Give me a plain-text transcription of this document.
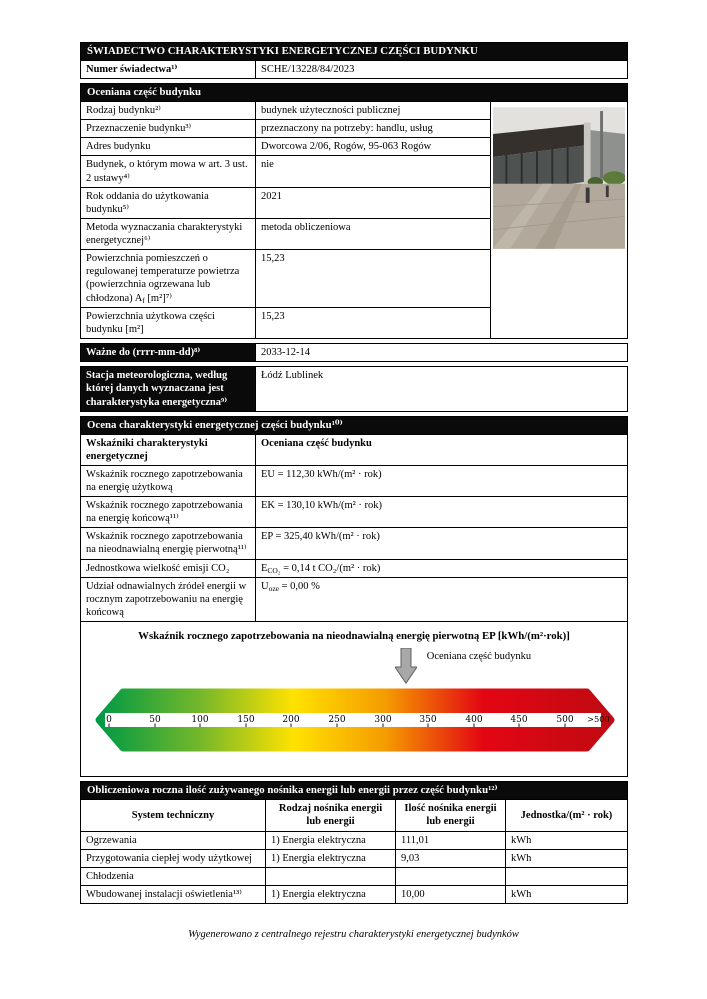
ŚWIADECTWO CHARAKTERYSTYKI ENERGETYCZNEJ CZĘŚCI BUDYNKU
Numer świadectwa¹⁾	SCHE/13228/84/2023
Oceniana część budynku
Rodzaj budynku²⁾	budynek użyteczności publicznej	

Przeznaczenie budynku³⁾	przeznaczony na potrzeby: handlu, usług	
Adres budynku	Dworcowa 2/06, Rogów, 95-063 Rogów	
Budynek, o którym mowa w art. 3 ust. 2 ustawy⁴⁾	nie	
Rok oddania do użytkowania budynku⁵⁾	2021	
Metoda wyznaczania charakterystyki energetycznej⁶⁾	metoda obliczeniowa	
Powierzchnia pomieszczeń o regulowanej temperaturze powietrza (powierzchnia ogrzewana lub chłodzona) $A_f$ [m²]⁷⁾	15,23	
Powierzchnia użytkowa części budynku [m²]	15,23	
Ważne do (rrrr-mm-dd)⁸⁾	2033-12-14
Stacja meteorologiczna, według której danych wyznaczana jest charakterystyka energetyczna⁹⁾	Łódź Lublinek
Ocena charakterystyki energetycznej części budynku¹⁰⁾
Wskaźniki charakterystyki energetycznej	Oceniana część budynku
Wskaźnik rocznego zapotrzebowania na energię użytkową	EU = 112,30 kWh/(m² · rok)
Wskaźnik rocznego zapotrzebowania na energię końcową¹¹⁾	EK = 130,10 kWh/(m² · rok)
Wskaźnik rocznego zapotrzebowania na nieodnawialną energię pierwotną¹¹⁾	EP = 325,40 kWh/(m² · rok)
Jednostkowa wielkość emisji CO₂	$E_{CO_2} = 0,14$ t CO₂/(m² · rok)
Udział odnawialnych źródeł energii w rocznym zapotrzebowaniu na energię końcową	$U_{oze} = 0,00$ %
Wskaźnik rocznego zapotrzebowania na nieodnawialną energię pierwotną EP [kWh/(m²·rok)]
Oceniana część budynku
0	50	100	150	200	250	300	350	400	450	500 >500
Obliczeniowa roczna ilość zużywanego nośnika energii lub energii przez część budynku¹²⁾
System techniczny	Rodzaj nośnika energii lub energii	Ilość nośnika energii lub energii	Jednostka/(m² · rok)
Ogrzewania	1) Energia elektryczna	111,01	kWh
Przygotowania ciepłej wody użytkowej	1) Energia elektryczna	9,03	kWh
Chłodzenia			
Wbudowanej instalacji oświetlenia¹³⁾	1) Energia elektryczna	10,00	kWh
Wygenerowano z centralnego rejestru charakterystyki energetycznej budynków
